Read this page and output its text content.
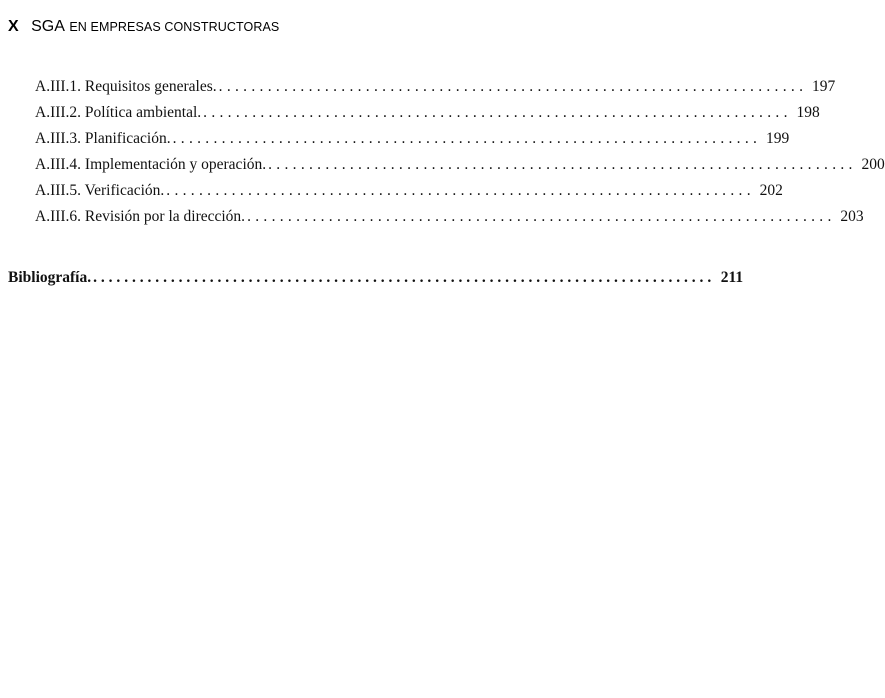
X SGA EN EMPRESAS CONSTRUCTORAS
A.III.1. Requisitos generales. ........................................................................ 197
A.III.2. Política ambiental. ........................................................................ 198
A.III.3. Planificación. ........................................................................ 199
A.III.4. Implementación y operación. ........................................................................ 200
A.III.5. Verificación. ........................................................................ 202
A.III.6. Revisión por la dirección. ........................................................................ 203
Bibliografía. ................................................................................ 211
